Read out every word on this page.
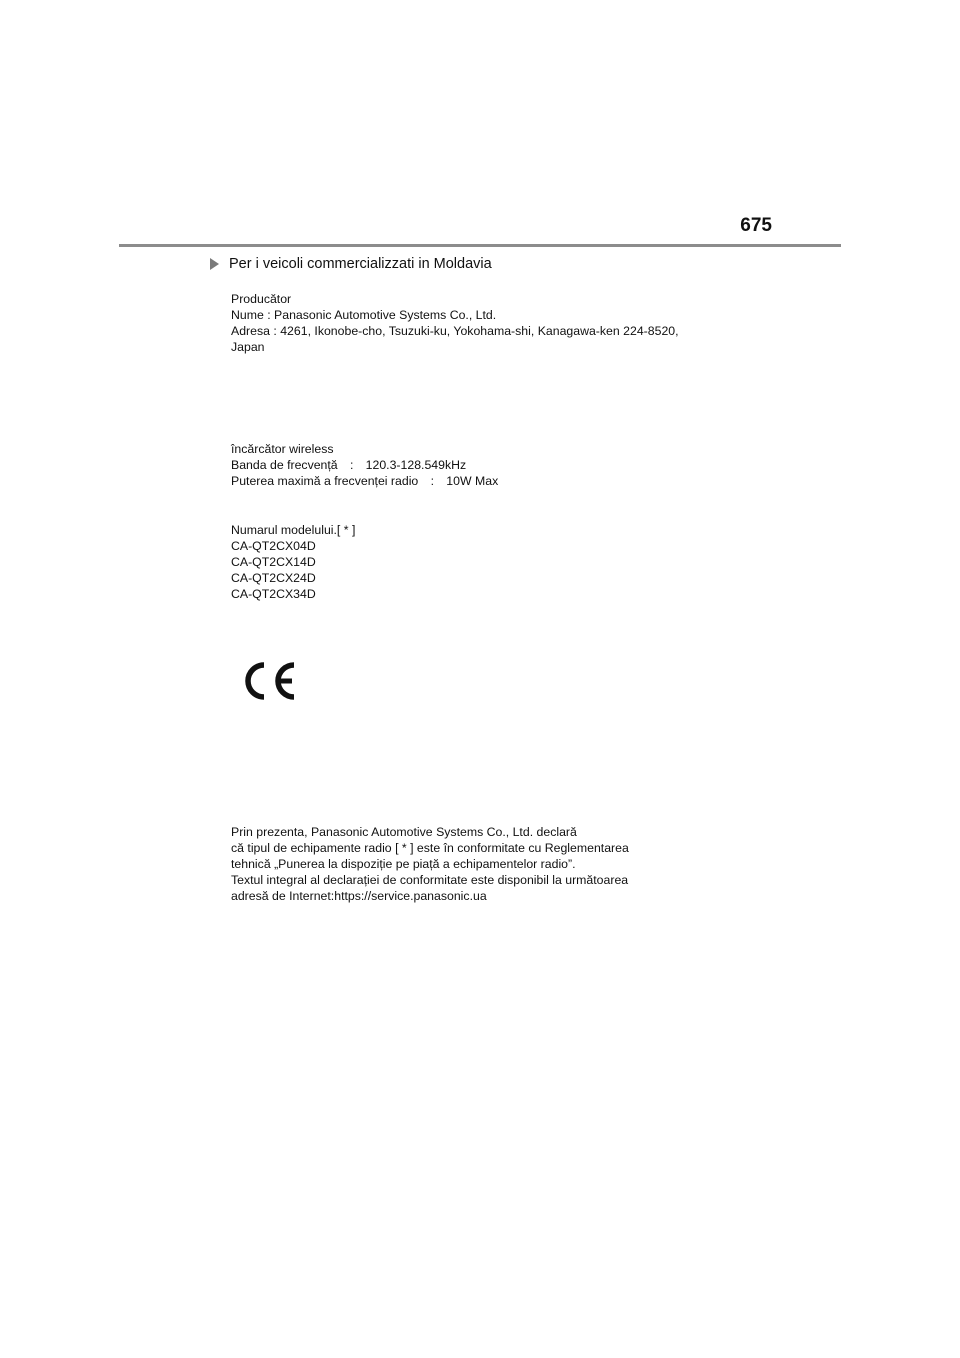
675
Per i veicoli commercializzati in Moldavia
Producător
Nume : Panasonic Automotive Systems Co., Ltd.
Adresa : 4261, Ikonobe-cho, Tsuzuki-ku, Yokohama-shi, Kanagawa-ken 224-8520,
Japan
încărcător wireless
Banda de frecvență　:　120.3-128.549kHz
Puterea maximă a frecvenței radio　:　10W Max
Numarul modelului.[ * ]
CA-QT2CX04D
CA-QT2CX14D
CA-QT2CX24D
CA-QT2CX34D
Prin prezenta, Panasonic Automotive Systems Co., Ltd. declară
că tipul de echipamente radio [ * ] este în conformitate cu Reglementarea
tehnică „Punerea la dispoziție pe piață a echipamentelor radio”.
Textul integral al declarației de conformitate este disponibil la următoarea
adresă de Internet:https://service.panasonic.ua
